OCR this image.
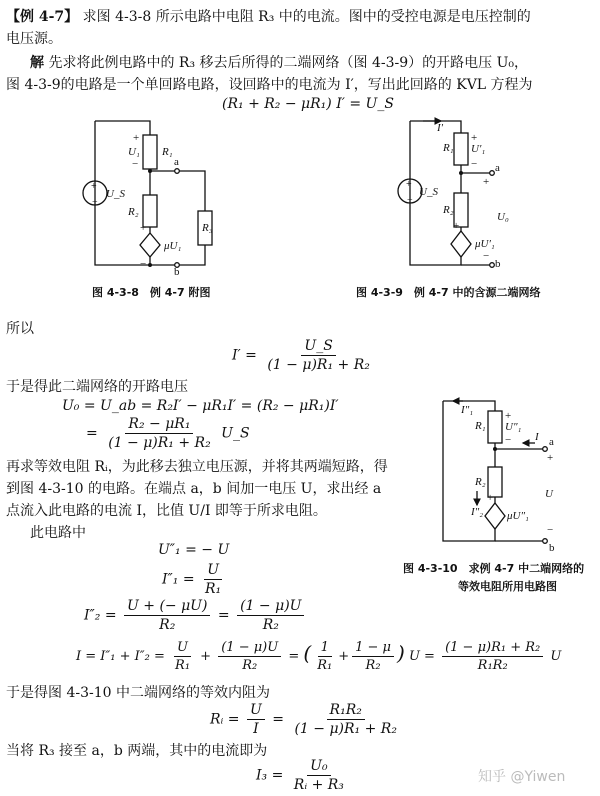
【例 4-7】 求图 4-3-8 所示电路中电阻 R₃ 中的电流。图中的受控电源是电压控制的
电压源。
解 先求将此例电路中的 R₃ 移去后所得的二端网络（图 4-3-9）的开路电压 U₀，
图 4-3-9的电路是一个单回路电路，设回路中的电流为 I′，写出此回路的 KVL 方程为
(R₁ + R₂ − μR₁) I′ = U_S
+
−
+
−
U₁ R₁
R₂
+
−
μU₁
R₃
U_S
a
b
I′
+
−
R₁
+
U′₁
−
R₂
+
μU′₁
U_S
U₀
a
+
b
−
图 4-3-8　例 4-7 附图	图 4-3-9　例 4-7 中的含源二端网络
所以
$I' = \frac{U\_S}{\text{(1 − μ)R₁ + R₂}}$
于是得此二端网络的开路电压
U₀ = U_ab = R₂I′ − μR₁I′ = (R₂ − μR₁)I′
= $\frac{\text{R₂ − μR₁}}{\text{(1 − μ)R₁ + R₂}}$ U_S
再求等效电阻 Rᵢ，为此移去独立电压源，并将其两端短路，得
到图 4-3-10 的电路。在端点 a，b 间加一电压 U，求出经 a
点流入此电路的电流 I，比值 U/I 即等于所求电阻。
此电路中
I″₁
R₁
+
U″₁
−
R₂
I″₂
+
μU″₁
I a
+
U
−
b
图 4-3-10　求例 4-7 中二端网络的
等效电阻所用电路图
U″₁ = − U
$I''_1 = \frac{U}{\text{R₁}}$
$I''_2 = \frac{U + (- \mu U)}{\text{R₂}} = \frac{(1 - \mu)U}{\text{R₂}}$
$I = I''_1 + I''_2 = \frac{U}{\text{R₁}} + \frac{(1 - \mu)U}{\text{R₂}}$ = ( $\frac{1}{\text{R₁}} + \frac{1 - \mu}{\text{R₂}}$ ) $U = \frac{\text{(1 − μ)R₁ + R₂}}{\text{R₁R₂}}$ U
于是得图 4-3-10 中二端网络的等效内阻为
Rᵢ = $\frac{U}{I} = \frac{\text{R₁R₂}}{\text{(1 − μ)R₁ + R₂}}$
当将 R₃ 接至 a，b 两端，其中的电流即为
$I_3 = \frac{\text{U₀}}{\text{Rᵢ + R₃}}$	知乎 @Yiwen
